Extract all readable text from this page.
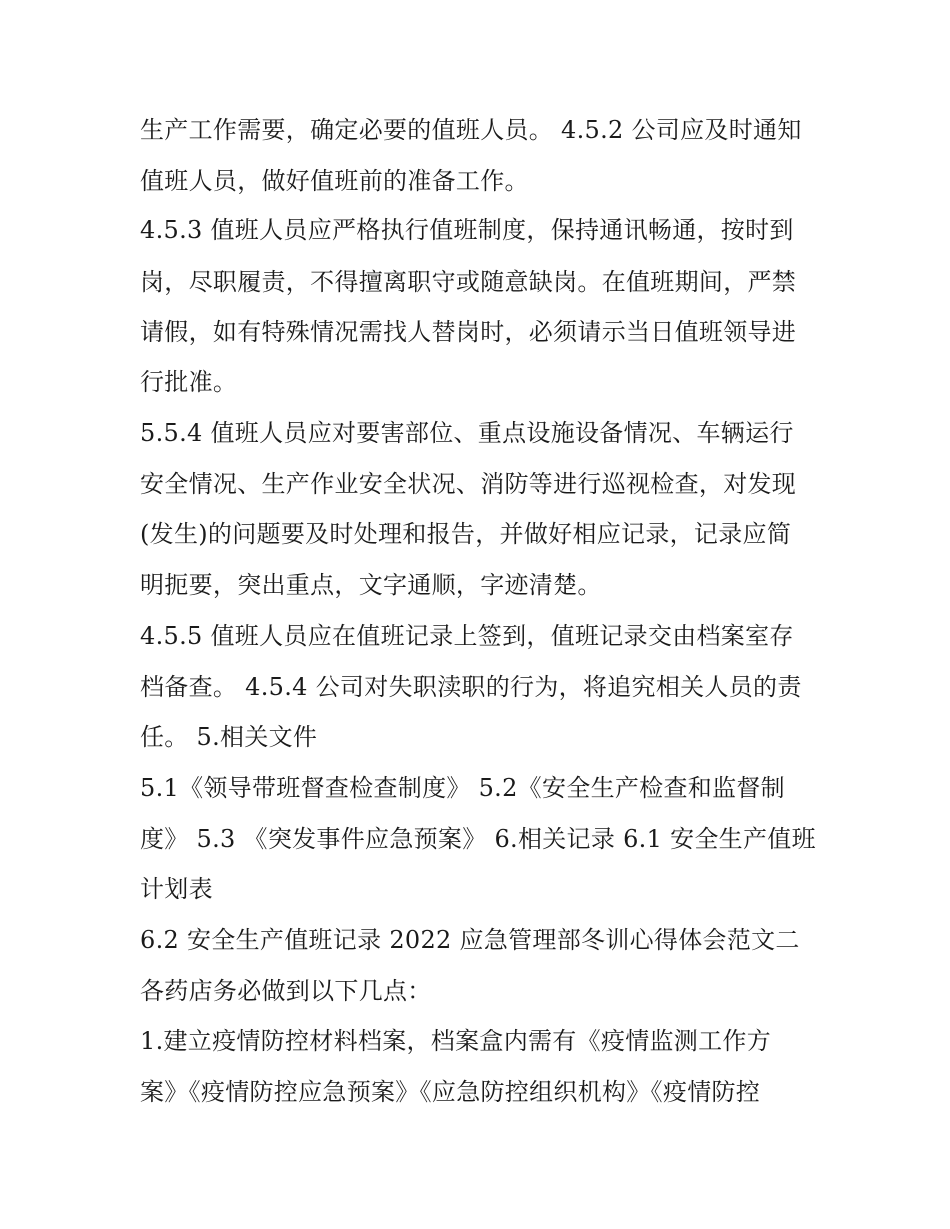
生产工作需要，确定必要的值班人员。 4.5.2 公司应及时通知
值班人员，做好值班前的准备工作。
4.5.3 值班人员应严格执行值班制度，保持通讯畅通，按时到
岗，尽职履责，不得擅离职守或随意缺岗。在值班期间，严禁
请假，如有特殊情况需找人替岗时，必须请示当日值班领导进
行批准。
5.5.4 值班人员应对要害部位、重点设施设备情况、车辆运行
安全情况、生产作业安全状况、消防等进行巡视检查，对发现
(发生)的问题要及时处理和报告，并做好相应记录，记录应简
明扼要，突出重点，文字通顺，字迹清楚。
4.5.5 值班人员应在值班记录上签到，值班记录交由档案室存
档备查。 4.5.4 公司对失职渎职的行为，将追究相关人员的责
任。 5.相关文件
5.1《领导带班督查检查制度》 5.2《安全生产检查和监督制
度》 5.3 《突发事件应急预案》 6.相关记录 6.1 安全生产值班
计划表
6.2 安全生产值班记录 2022 应急管理部冬训心得体会范文二
各药店务必做到以下几点：
1.建立疫情防控材料档案，档案盒内需有《疫情监测工作方
案》《疫情防控应急预案》《应急防控组织机构》《疫情防控
